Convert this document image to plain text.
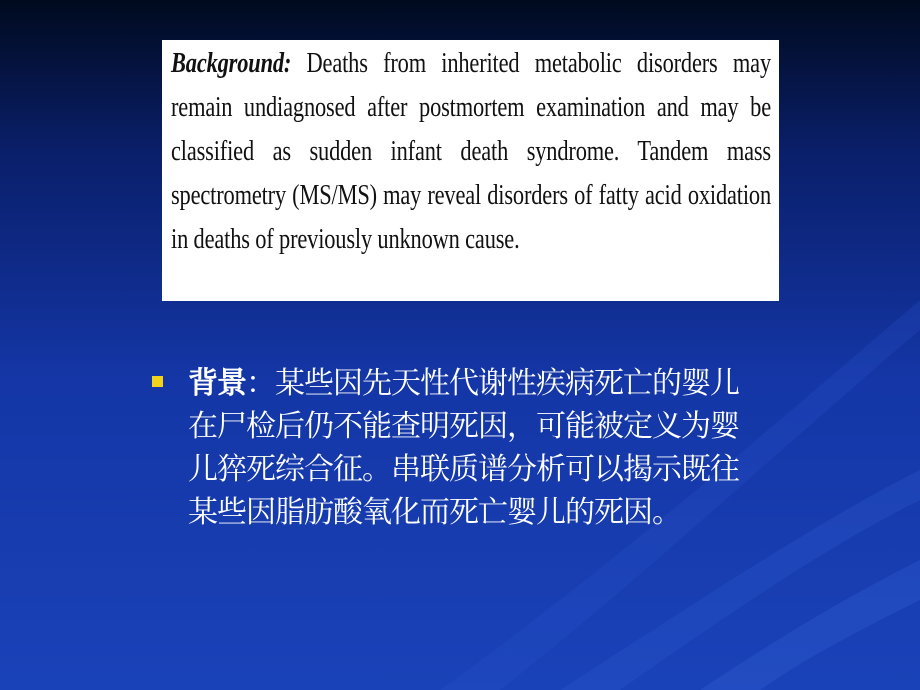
Background: Deaths from inherited metabolic disorders may remain undiagnosed after postmortem examination and may be classified as sudden infant death syndrome. Tandem mass spectrometry (MS/MS) may reveal disorders of fatty acid oxidation in deaths of previously unknown cause.

背景：某些因先天性代谢性疾病死亡的婴儿在尸检后仍不能查明死因，可能被定义为婴儿猝死综合征。串联质谱分析可以揭示既往某些因脂肪酸氧化而死亡婴儿的死因。
